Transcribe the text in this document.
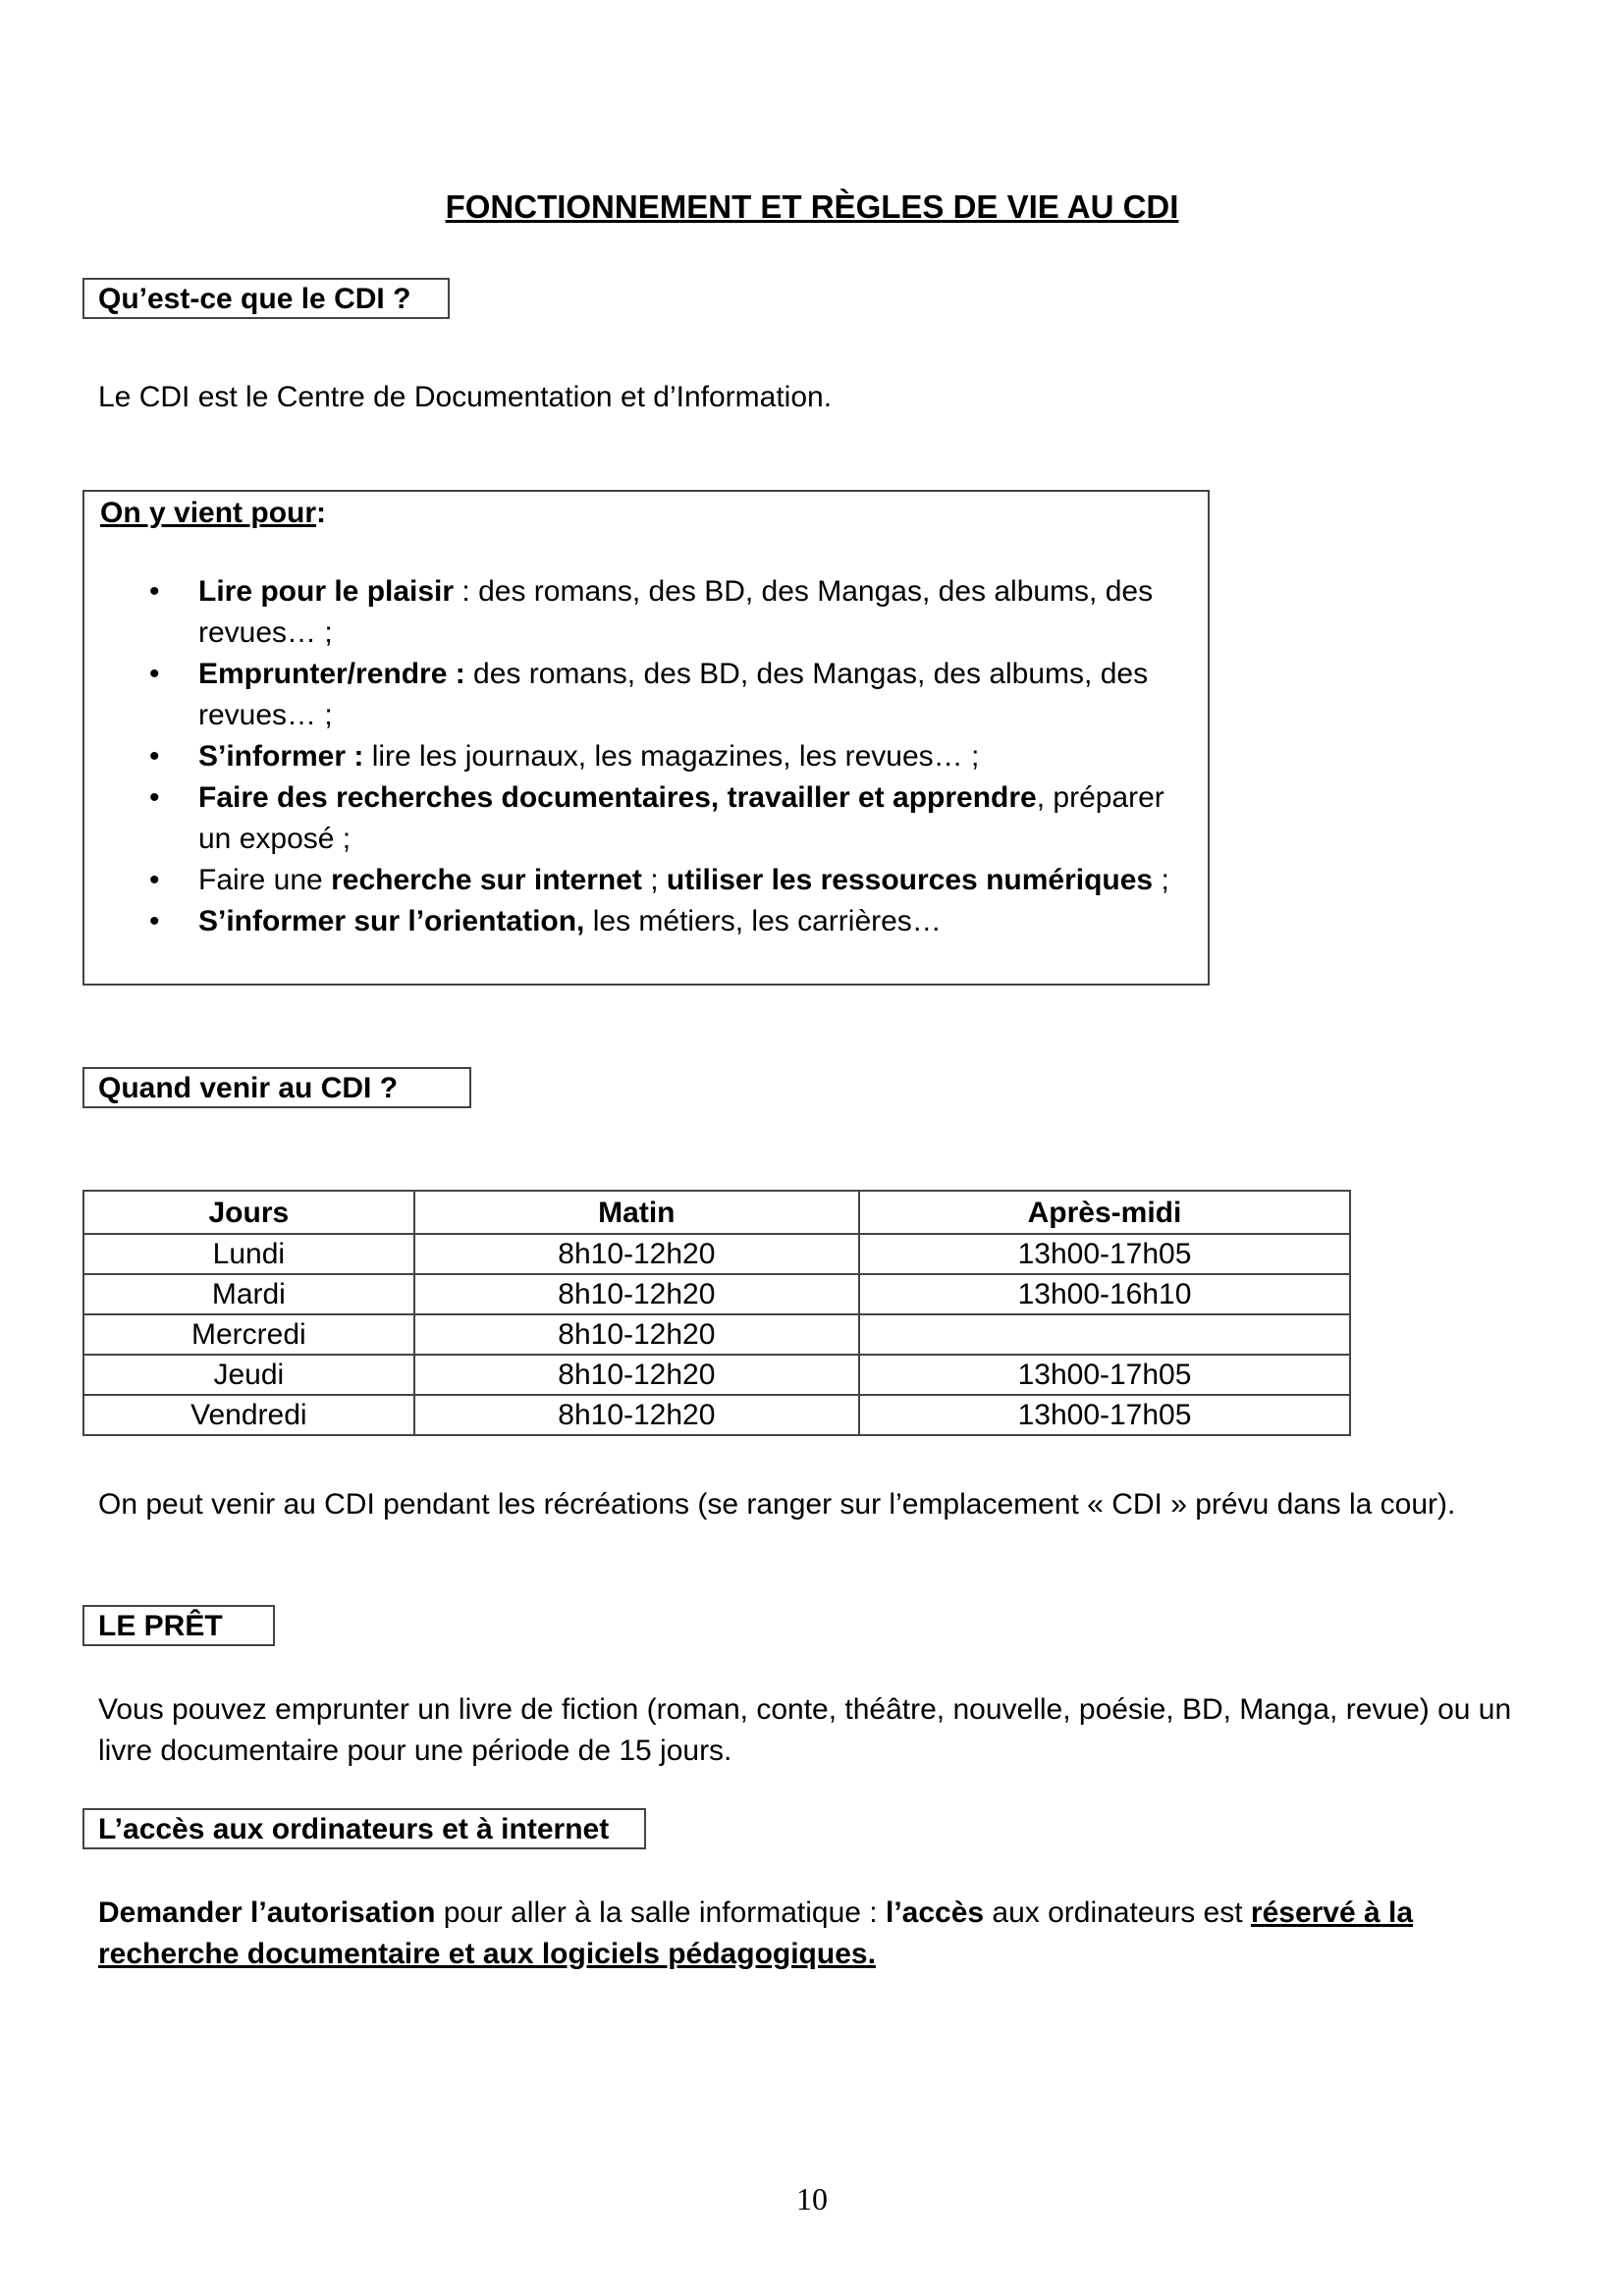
FONCTIONNEMENT ET RÈGLES DE VIE AU CDI
Qu’est-ce que le CDI ?
Le CDI est le Centre de Documentation et d’Information.
On y vient pour:
• Lire pour le plaisir : des romans, des BD, des Mangas, des albums, des revues… ;
• Emprunter/rendre : des romans, des BD, des Mangas, des albums, des revues… ;
• S’informer : lire les journaux, les magazines, les revues… ;
• Faire des recherches documentaires, travailler et apprendre, préparer un exposé ;
• Faire une recherche sur internet ; utiliser les ressources numériques ;
• S’informer sur l’orientation, les métiers, les carrières…
Quand venir au CDI ?
Jours	Matin	Après-midi
Lundi	8h10-12h20	13h00-17h05
Mardi	8h10-12h20	13h00-16h10
Mercredi	8h10-12h20	
Jeudi	8h10-12h20	13h00-17h05
Vendredi	8h10-12h20	13h00-17h05
On peut venir au CDI pendant les récréations (se ranger sur l’emplacement « CDI » prévu dans la cour).
LE PRÊT
Vous pouvez emprunter un livre de fiction (roman, conte, théâtre, nouvelle, poésie, BD, Manga, revue) ou un livre documentaire pour une période de 15 jours.
L’accès aux ordinateurs et à internet
Demander l’autorisation pour aller à la salle informatique : l’accès aux ordinateurs est réservé à la recherche documentaire et aux logiciels pédagogiques.
10
